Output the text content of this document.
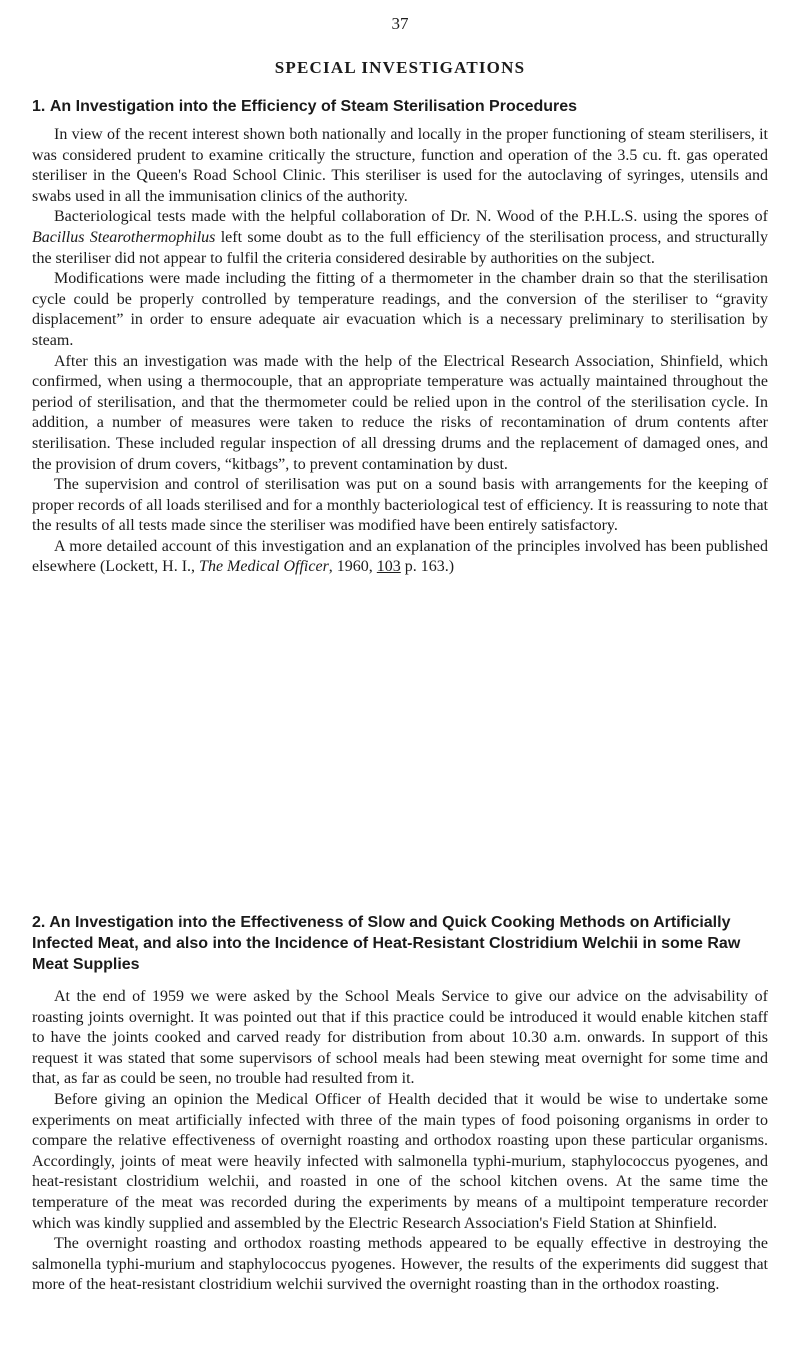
37
SPECIAL INVESTIGATIONS
1. An Investigation into the Efficiency of Steam Sterilisation Procedures

In view of the recent interest shown both nationally and locally in the proper functioning of steam sterilisers, it was considered prudent to examine critically the structure, function and operation of the 3.5 cu. ft. gas operated steriliser in the Queen's Road School Clinic. This steriliser is used for the autoclaving of syringes, utensils and swabs used in all the immunisation clinics of the authority.

Bacteriological tests made with the helpful collaboration of Dr. N. Wood of the P.H.L.S. using the spores of Bacillus Stearothermophilus left some doubt as to the full efficiency of the sterilisation process, and structurally the steriliser did not appear to fulfil the criteria considered desirable by authorities on the subject.

Modifications were made including the fitting of a thermometer in the chamber drain so that the sterilisation cycle could be properly controlled by temperature readings, and the conversion of the steriliser to “gravity displacement” in order to ensure adequate air evacuation which is a necessary preliminary to sterilisation by steam.

After this an investigation was made with the help of the Electrical Research Association, Shinfield, which confirmed, when using a thermocouple, that an appropriate temperature was actually maintained throughout the period of sterilisation, and that the thermometer could be relied upon in the control of the sterilisation cycle. In addition, a number of measures were taken to reduce the risks of recontamination of drum contents after sterilisation. These included regular inspection of all dressing drums and the replacement of damaged ones, and the provision of drum covers, “kitbags”, to prevent contamination by dust.

The supervision and control of sterilisation was put on a sound basis with arrangements for the keeping of proper records of all loads sterilised and for a monthly bacteriological test of efficiency. It is reassuring to note that the results of all tests made since the steriliser was modified have been entirely satisfactory.

A more detailed account of this investigation and an explanation of the principles involved has been published elsewhere (Lockett, H. I., The Medical Officer, 1960, 103 p. 163.)

2. An Investigation into the Effectiveness of Slow and Quick Cooking Methods on Artificially Infected Meat, and also into the Incidence of Heat-Resistant Clostridium Welchii in some Raw Meat Supplies

At the end of 1959 we were asked by the School Meals Service to give our advice on the advisability of roasting joints overnight. It was pointed out that if this practice could be introduced it would enable kitchen staff to have the joints cooked and carved ready for distribution from about 10.30 a.m. onwards. In support of this request it was stated that some supervisors of school meals had been stewing meat overnight for some time and that, as far as could be seen, no trouble had resulted from it.

Before giving an opinion the Medical Officer of Health decided that it would be wise to undertake some experiments on meat artificially infected with three of the main types of food poisoning organisms in order to compare the relative effectiveness of overnight roasting and orthodox roasting upon these particular organisms. Accordingly, joints of meat were heavily infected with salmonella typhi-murium, staphylococcus pyogenes, and heat-resistant clostridium welchii, and roasted in one of the school kitchen ovens. At the same time the temperature of the meat was recorded during the experiments by means of a multipoint temperature recorder which was kindly supplied and assembled by the Electric Research Association's Field Station at Shinfield.

The overnight roasting and orthodox roasting methods appeared to be equally effective in destroying the salmonella typhi-murium and staphylococcus pyogenes. However, the results of the experiments did suggest that more of the heat-resistant clostridium welchii survived the overnight roasting than in the orthodox roasting.
